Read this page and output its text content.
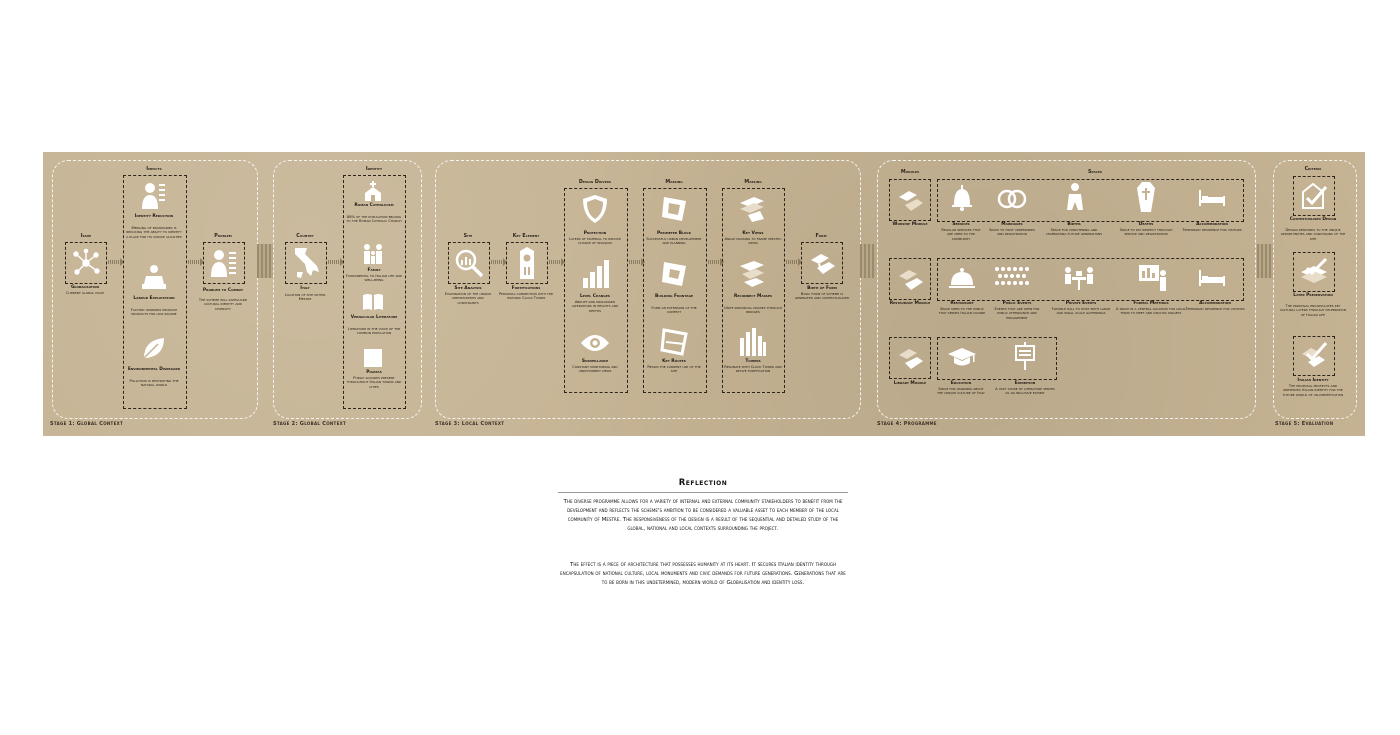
Stage 1: Global Context	Stage 2: Global Context	Stage 3: Local Context	Stage 4: Programme	Stage 5: Evaluation
Issue
Globalisation
Current global issue
Impacts
Identity Reduction
Merging of boundaries is reducing the ability to identify a place for its unique qualities
Labour Exploitation
Factory workers produce products for low income
Environmental Disregard
Pollution is destroying the natural world
Problem
Problem to Combat
The scheme will safeguard cultural identity and diversity
Country
Italy
Location of site within Mestre
Identity
Roman Catholicism
88% of the population belong to the Roman Catholic Church
Family
Fundamental to Italian life and well-being
Vernacular Literature
Literature in the voice of the common population
Piazzas
Public squares present throughout Italian towns and cities
Site
Site Analysis
Examination of the unique opportunities and constraints
Key Element
Fortifications
Personal connection with the historic Clock Tower
Design Drivers
Protection
Layers of material to reduce chance of invasion
Level Changes
Abrupt and prolonged alterations in heights and depths
Surveillance
Constant monitoring and undisturbed views
Massing
Perimeter Block
Successful urban development and planning
Building Frontage
Form an extension of the context
Key Routes
Retain the current use of the site
Massing
Key Views
Angle massing to frame specific views
Reconnect Masses
Unite individual masses through bridges
Towers
Resonate with Clock Tower and revive fortification
Form
Birth of Form
Basic form of scheme is generated and contextualised
Modules	Spaces
Worship Module	Services
Regular services that are open to the community
Marriages
Space to host ceremonies and registration
Births
Space for christening and celebrating future generations
Deaths
Space to pay respect through service and registration
Accommodation
Temporary residence for visitors
Restaurant Module	Restaurant
Space open to the public that serves Italian cuisine
Public Events
Events that are open for public attendance and engagement
Private Events
Flexible hall to host both large and small scale gatherings
Formal Meetings
A space in a central location for local firms to meet and discuss targets
Accommodation
Temporary residence for visitors
Library Module	Education
Space for learning about the unique culture of Italy
Exhibition
A vast store of literature serves as an inclusive exhibit
Criteria
Contextualised Design
Design responds to the unique opportunities and constrains of the site
Layer Preservation
The proposal encapsulates key cultural layers through celebration of Italian life
Italian Identity
The proposal protects and preserves Italian identity for the future world of un-identification
Reflection
The diverse programme allows for a variety of internal and external community stakeholders to benefit from the development and reflects the scheme's ambition to be considered a valuable asset to each member of the local community of Mestre. The responsiveness of the design is a result of the sequential and detailed study of the global, national and local contexts surrounding the project.
The effect is a piece of architecture that possesses humanity at its heart. It secures Italian identity through encapsulation of national culture, local monuments and civic demands for future generations. Generations that are to be born in this undetermined, modern world of Globalisation and identity loss.
